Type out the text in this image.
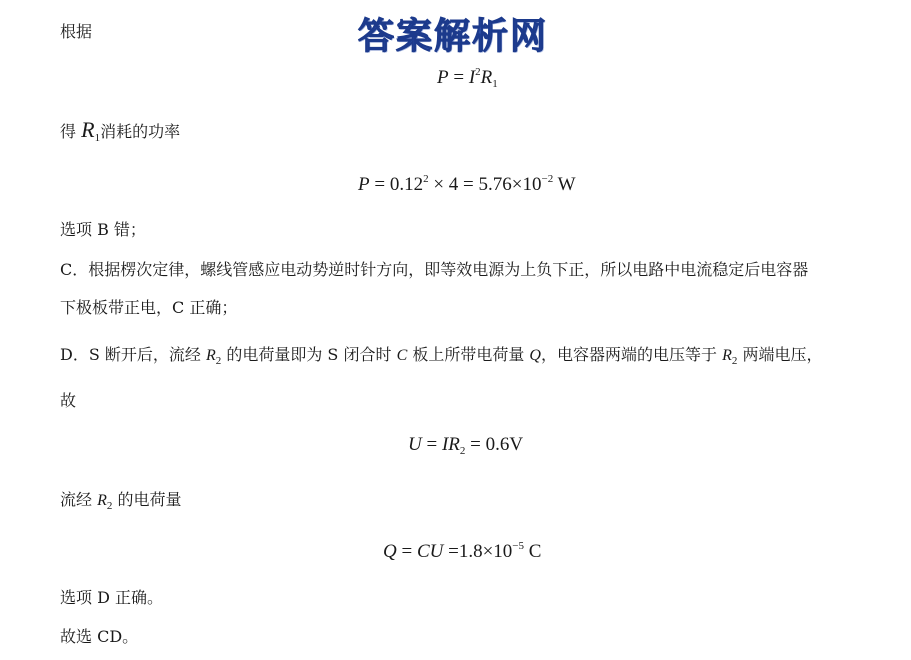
答案解析网
根据
$P = I^2R_1$
得 $R_1$消耗的功率
$P = 0.12^2 \times 4 = 5.76\times 10^{-2}$ W
选项 B 错；
C．根据楞次定律，螺线管感应电动势逆时针方向，即等效电源为上负下正，所以电路中电流稳定后电容器
下极板带正电，C 正确；
D．S 断开后，流经 $R_2$ 的电荷量即为 S 闭合时 C 板上所带电荷量 Q，电容器两端的电压等于 $R_2$ 两端电压，
故
$U = IR_2 = 0.6V$
流经 $R_2$ 的电荷量
Q = CU $=1.8\times 10^{-5}$ C
选项 D 正确。
故选 CD。
